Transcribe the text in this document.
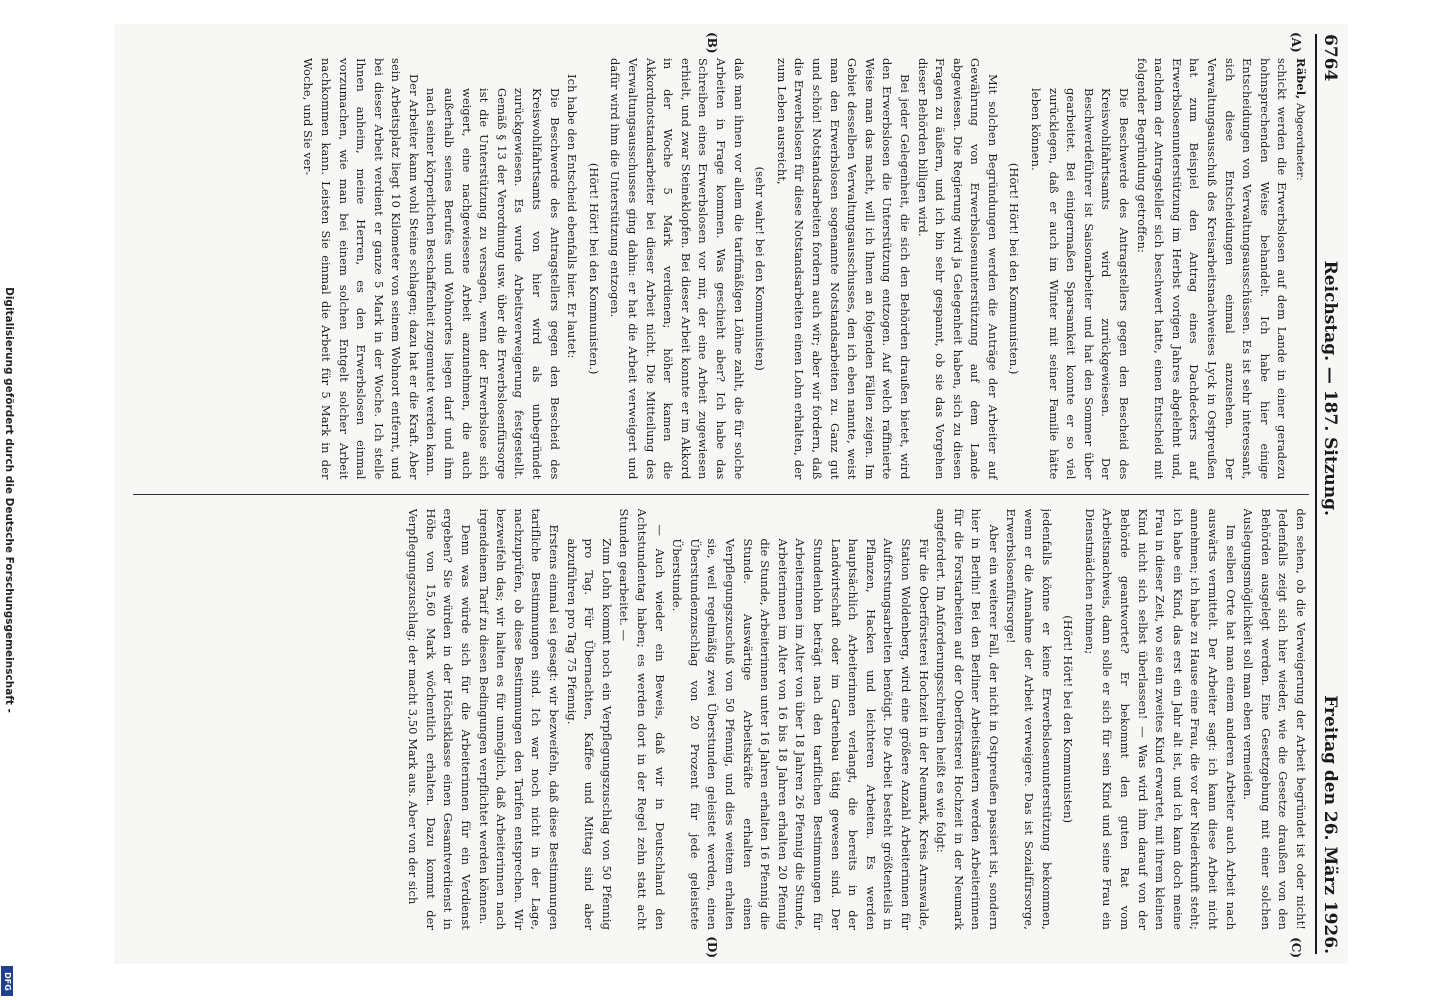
Digitalisierung gefördert durch die Deutsche Forschungsgemeinschaft -
DFG
6764
Reichstag. — 187. Sitzung.
Freitag den 26. März 1926.
(A)
(B)
(C)
(D)

Räbel, Abgeordneter:

schickt werden die Erwerbslosen auf dem Lande in einer geradezu hohnsprechenden Weise behandelt. Ich habe hier einige Entscheidungen von Verwaltungsausschüssen. Es ist sehr interessant, sich diese Entscheidungen einmal anzusehen. Der Verwaltungsausschuß des Kreisarbeitsnachweises Lyck in Ostpreußen hat zum Beispiel den Antrag eines Dachdeckers auf Erwerbslosenunterstützung im Herbst vorigen Jahres abgelehnt und, nachdem der Antragsteller sich beschwert hatte, einen Entscheid mit folgender Begründung getroffen:

Die Beschwerde des Antragstellers gegen den Bescheid des Kreiswohlfahrtsamts wird zurückgewiesen. Der Beschwerdeführer ist Saisonarbeiter und hat den Sommer über gearbeitet. Bei einigermaßen Sparsamkeit konnte er so viel zurücklegen, daß er auch im Winter mit seiner Familie hätte leben können.

(Hört! Hört! bei den Kommunisten.)

Mit solchen Begründungen werden die Anträge der Arbeiter auf Gewährung von Erwerbslosenunterstützung auf dem Lande abgewiesen. Die Regierung wird ja Gelegenheit haben, sich zu diesen Fragen zu äußern, und ich bin sehr gespannt, ob sie das Vorgehen dieser Behörden billigen wird.

Bei jeder Gelegenheit, die sich den Behörden draußen bietet, wird den Erwerbslosen die Unterstützung entzogen. Auf welch raffinierte Weise man das macht, will ich Ihnen an folgenden Fällen zeigen. Im Gebiet desselben Verwaltungsausschusses, den ich eben nannte, weist man den Erwerbslosen sogenannte Notstandsarbeiten zu. Ganz gut und schön! Notstandsarbeiten fordern auch wir; aber wir fordern, daß die Erwerbslosen für diese Notstandsarbeiten einen Lohn erhalten, der zum Leben ausreicht,

(sehr wahr! bei den Kommunisten)

daß man ihnen vor allem die tarifmäßigen Löhne zahlt, die für solche Arbeiten in Frage kommen. Was geschieht aber? Ich habe das Schreiben eines Erwerbslosen vor mir, der eine Arbeit zugewiesen erhielt, und zwar Steineklopfen. Bei dieser Arbeit konnte er im Akkord in der Woche 5 Mark verdienen; höher kamen die Akkordnotstandsarbeiter bei dieser Arbeit nicht. Die Mitteilung des Verwaltungsausschusses ging dahin: er hat die Arbeit verweigert und dafür wird ihm die Unterstützung entzogen.

(Hört! Hört! bei den Kommunisten.)

Ich habe den Entscheid ebenfalls hier. Er lautet:

Die Beschwerde des Antragstellers gegen den Bescheid des Kreiswohlfahrtsamts von hier wird als unbegründet zurückgewiesen. Es wurde Arbeitsverweigerung festgestellt. Gemäß § 13 der Verordnung usw. über die Erwerbslosenfürsorge ist die Unterstützung zu versagen, wenn der Erwerbslose sich weigert, eine nachgewiesene Arbeit anzunehmen, die auch außerhalb seines Berufes und Wohnortes liegen darf und ihm nach seiner körperlichen Beschaffenheit zugemutet werden kann.

Der Arbeiter kann wohl Steine schlagen; dazu hat er die Kraft. Aber sein Arbeitsplatz liegt 10 Kilometer von seinem Wohnort entfernt, und bei dieser Arbeit verdient er ganze 5 Mark in der Woche. Ich stelle Ihnen anheim, meine Herren, es den Erwerbslosen einmal vorzumachen, wie man bei einem solchen Entgelt solcher Arbeit nachkommen kann. Leisten Sie einmal die Arbeit für 5 Mark in der Woche, und Sie ver-

den sehen, ob die Verweigerung der Arbeit begründet ist oder nicht! Jedenfalls zeigt sich hier wieder, wie die Gesetze draußen von den Behörden ausgelegt werden. Eine Gesetzgebung mit einer solchen Auslegungsmöglichkeit soll man eben vermeiden.

Im selben Orte hat man einem anderen Arbeiter auch Arbeit nach auswärts vermittelt. Der Arbeiter sagt: ich kann diese Arbeit nicht annehmen; ich habe zu Hause eine Frau, die vor der Niederkunft steht; ich habe ein Kind, das erst ein Jahr alt ist, und ich kann doch meine Frau in dieser Zeit, wo sie ein zweites Kind erwartet, mit ihrem kleinen Kind nicht sich selbst überlassen! — Was wird ihm darauf von der Behörde geantwortet? Er bekommt den guten Rat vom Arbeitsnachweis, dann solle er sich für sein Kind und seine Frau ein Dienstmädchen nehmen;

(Hört! Hört! bei den Kommunisten)

jedenfalls könne er keine Erwerbslosenunterstützung bekommen, wenn er die Annahme der Arbeit verweigere. Das ist Sozialfürsorge, Erwerbslosenfürsorge!

Aber ein weiterer Fall, der nicht in Ostpreußen passiert ist, sondern hier in Berlin! Bei den Berliner Arbeitsämtern werden Arbeiterinnen für die Forstarbeiten auf der Oberförsterei Hochzeit in der Neumark angefordert. Im Anforderungsschreiben heißt es wie folgt:

Für die Oberförsterei Hochzeit in der Neumark, Kreis Arnswalde, Station Woldenberg, wird eine größere Anzahl Arbeiterinnen für Aufforstungsarbeiten benötigt. Die Arbeit besteht größtenteils in Pflanzen, Hacken und leichteren Arbeiten. Es werden hauptsächlich Arbeiterinnen verlangt, die bereits in der Landwirtschaft oder im Gartenbau tätig gewesen sind. Der Stundenlohn beträgt nach den tariflichen Bestimmungen für Arbeiterinnen im Alter von über 18 Jahren 26 Pfennig die Stunde, Arbeiterinnen im Alter von 16 bis 18 Jahren erhalten 20 Pfennig die Stunde, Arbeiterinnen unter 16 Jahren erhalten 16 Pfennig die Stunde. Auswärtige Arbeitskräfte erhalten einen Verpflegungszuschuß von 50 Pfennig, und dies weitem erhalten sie, weil regelmäßig zwei Überstunden geleistet werden, einen Überstundenzuschlag von 20 Prozent für jede geleistete Überstunde.

— Auch wieder ein Beweis, daß wir in Deutschland den Achtstundentag haben; es werden dort in der Regel zehn statt acht Stunden gearbeitet. —

Zum Lohn kommt noch ein Verpflegungszuschlag von 50 Pfennig pro Tag. Für Übernachten, Kaffee und Mittag sind aber abzuführen pro Tag 75 Pfennig.

Erstens einmal sei gesagt: wir bezweifeln, daß diese Bestimmungen tarifliche Bestimmungen sind. Ich war noch nicht in der Lage, nachzuprüfen, ob diese Bestimmungen den Tarifen entsprechen. Wir bezweifeln das; wir halten es für unmöglich, daß Arbeiterinnen nach irgendeinem Tarif zu diesen Bedingungen verpflichtet werden können.

Denn was würde sich für die Arbeiterinnen für ein Verdienst ergeben? Sie würden in der Höchstklasse einen Gesamtverdienst in Höhe von 15,60 Mark wöchentlich erhalten. Dazu kommt der Verpflegungszuschlag; der macht 3,50 Mark aus. Aber von der sich
